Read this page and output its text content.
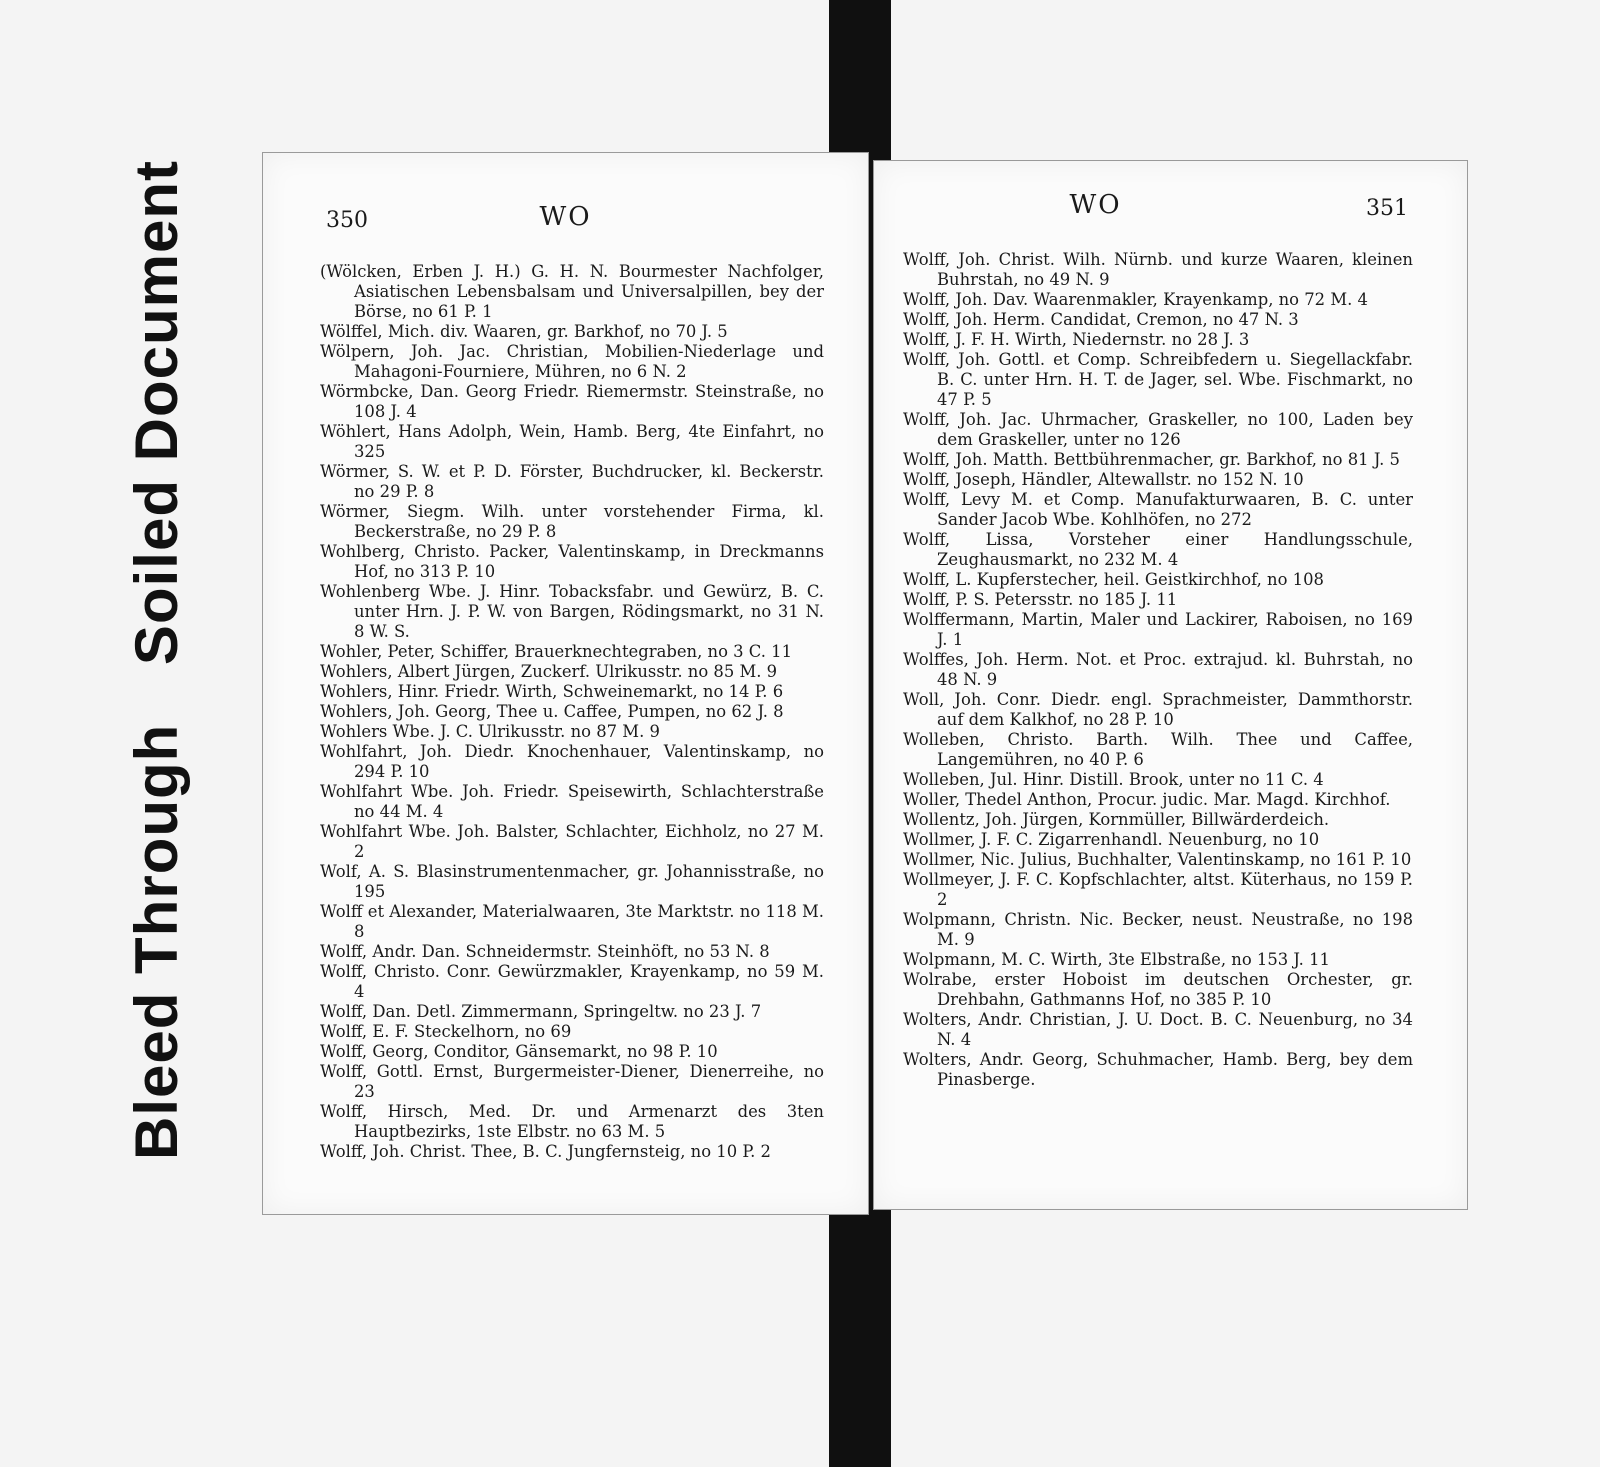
Bleed Through
Soiled Document	350	WO
(Wölcken, Erben J. H.) G. H. N. Bourmester Nachfolger, Asiatischen Lebensbalsam und Universalpillen, bey der Börse, no 61 P. 1
Wölffel, Mich. div. Waaren, gr. Barkhof, no 70 J. 5
Wölpern, Joh. Jac. Christian, Mobilien-Niederlage und Mahagoni-Fourniere, Mühren, no 6 N. 2
Wörmbcke, Dan. Georg Friedr. Riemermstr. Steinstraße, no 108 J. 4
Wöhlert, Hans Adolph, Wein, Hamb. Berg, 4te Einfahrt, no 325
Wörmer, S. W. et P. D. Förster, Buchdrucker, kl. Beckerstr. no 29 P. 8
Wörmer, Siegm. Wilh. unter vorstehender Firma, kl. Beckerstraße, no 29 P. 8
Wohlberg, Christo. Packer, Valentinskamp, in Dreckmanns Hof, no 313 P. 10
Wohlenberg Wbe. J. Hinr. Tobacksfabr. und Gewürz, B. C. unter Hrn. J. P. W. von Bargen, Rödingsmarkt, no 31 N. 8 W. S.
Wohler, Peter, Schiffer, Brauerknechtegraben, no 3 C. 11
Wohlers, Albert Jürgen, Zuckerf. Ulrikusstr. no 85 M. 9
Wohlers, Hinr. Friedr. Wirth, Schweinemarkt, no 14 P. 6
Wohlers, Joh. Georg, Thee u. Caffee, Pumpen, no 62 J. 8
Wohlers Wbe. J. C. Ulrikusstr. no 87 M. 9
Wohlfahrt, Joh. Diedr. Knochenhauer, Valentinskamp, no 294 P. 10
Wohlfahrt Wbe. Joh. Friedr. Speisewirth, Schlachterstraße no 44 M. 4
Wohlfahrt Wbe. Joh. Balster, Schlachter, Eichholz, no 27 M. 2
Wolf, A. S. Blasinstrumentenmacher, gr. Johannisstraße, no 195
Wolff et Alexander, Materialwaaren, 3te Marktstr. no 118 M. 8
Wolff, Andr. Dan. Schneidermstr. Steinhöft, no 53 N. 8
Wolff, Christo. Conr. Gewürzmakler, Krayenkamp, no 59 M. 4
Wolff, Dan. Detl. Zimmermann, Springeltw. no 23 J. 7
Wolff, E. F. Steckelhorn, no 69
Wolff, Georg, Conditor, Gänsemarkt, no 98 P. 10
Wolff, Gottl. Ernst, Burgermeister-Diener, Dienerreihe, no 23
Wolff, Hirsch, Med. Dr. und Armenarzt des 3ten Hauptbezirks, 1ste Elbstr. no 63 M. 5
Wolff, Joh. Christ. Thee, B. C. Jungfernsteig, no 10 P. 2
WO	351
Wolff, Joh. Christ. Wilh. Nürnb. und kurze Waaren, kleinen Buhrstah, no 49 N. 9
Wolff, Joh. Dav. Waarenmakler, Krayenkamp, no 72 M. 4
Wolff, Joh. Herm. Candidat, Cremon, no 47 N. 3
Wolff, J. F. H. Wirth, Niedernstr. no 28 J. 3
Wolff, Joh. Gottl. et Comp. Schreibfedern u. Siegellackfabr. B. C. unter Hrn. H. T. de Jager, sel. Wbe. Fischmarkt, no 47 P. 5
Wolff, Joh. Jac. Uhrmacher, Graskeller, no 100, Laden bey dem Graskeller, unter no 126
Wolff, Joh. Matth. Bettbührenmacher, gr. Barkhof, no 81 J. 5
Wolff, Joseph, Händler, Altewallstr. no 152 N. 10
Wolff, Levy M. et Comp. Manufakturwaaren, B. C. unter Sander Jacob Wbe. Kohlhöfen, no 272
Wolff, Lissa, Vorsteher einer Handlungsschule, Zeughausmarkt, no 232 M. 4
Wolff, L. Kupferstecher, heil. Geistkirchhof, no 108
Wolff, P. S. Petersstr. no 185 J. 11
Wolffermann, Martin, Maler und Lackirer, Raboisen, no 169 J. 1
Wolffes, Joh. Herm. Not. et Proc. extrajud. kl. Buhrstah, no 48 N. 9
Woll, Joh. Conr. Diedr. engl. Sprachmeister, Dammthorstr. auf dem Kalkhof, no 28 P. 10
Wolleben, Christo. Barth. Wilh. Thee und Caffee, Langemühren, no 40 P. 6
Wolleben, Jul. Hinr. Distill. Brook, unter no 11 C. 4
Woller, Thedel Anthon, Procur. judic. Mar. Magd. Kirchhof.
Wollentz, Joh. Jürgen, Kornmüller, Billwärderdeich.
Wollmer, J. F. C. Zigarrenhandl. Neuenburg, no 10
Wollmer, Nic. Julius, Buchhalter, Valentinskamp, no 161 P. 10
Wollmeyer, J. F. C. Kopfschlachter, altst. Küterhaus, no 159 P. 2
Wolpmann, Christn. Nic. Becker, neust. Neustraße, no 198 M. 9
Wolpmann, M. C. Wirth, 3te Elbstraße, no 153 J. 11
Wolrabe, erster Hoboist im deutschen Orchester, gr. Drehbahn, Gathmanns Hof, no 385 P. 10
Wolters, Andr. Christian, J. U. Doct. B. C. Neuenburg, no 34 N. 4
Wolters, Andr. Georg, Schuhmacher, Hamb. Berg, bey dem Pinasberge.
